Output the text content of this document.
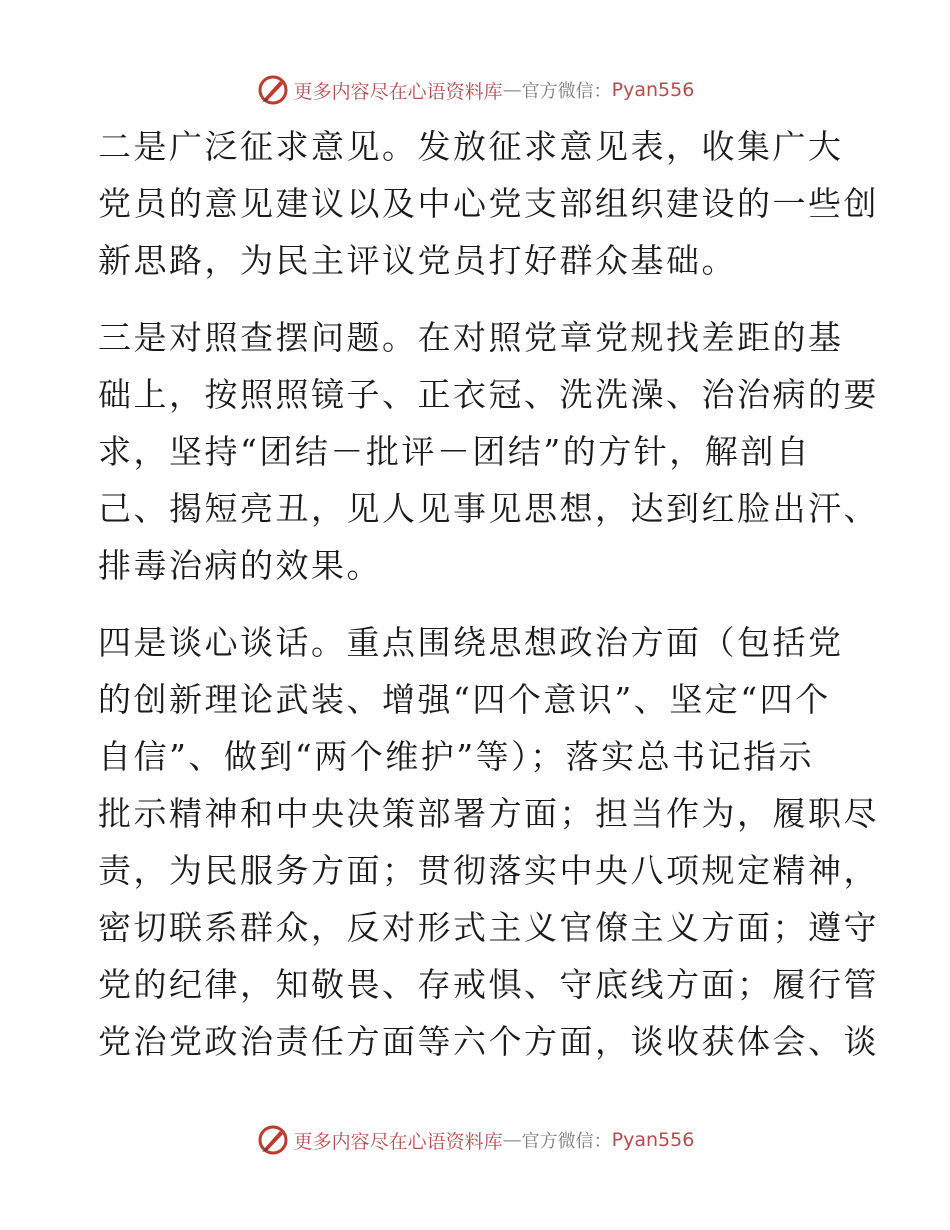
更多内容尽在心语资料库 — 官方微信： Pyan556

二是广泛征求意见。发放征求意见表，收集广大
党员的意见建议以及中心党支部组织建设的一些创
新思路，为民主评议党员打好群众基础。

三是对照查摆问题。在对照党章党规找差距的基
础上，按照照镜子、正衣冠、洗洗澡、治治病的要
求，坚持“团结－批评－团结”的方针，解剖自
己、揭短亮丑，见人见事见思想，达到红脸出汗、
排毒治病的效果。

四是谈心谈话。重点围绕思想政治方面（包括党
的创新理论武装、增强“四个意识”、坚定“四个
自信”、做到“两个维护”等）；落实总书记指示
批示精神和中央决策部署方面；担当作为，履职尽
责，为民服务方面；贯彻落实中央八项规定精神，
密切联系群众，反对形式主义官僚主义方面；遵守
党的纪律，知敬畏、存戒惧、守底线方面；履行管
党治党政治责任方面等六个方面，谈收获体会、谈

更多内容尽在心语资料库 — 官方微信： Pyan556
